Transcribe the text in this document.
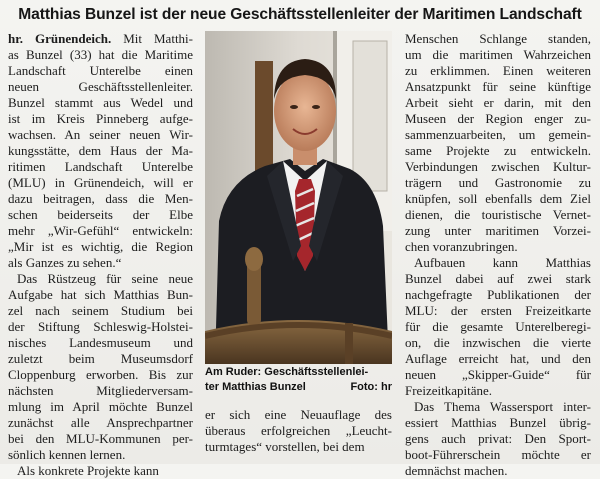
Matthias Bunzel ist der neue Geschäftsstellenleiter der Maritimen Landschaft
hr. Grünendeich. Mit Matthi-
as Bunzel (33) hat die Maritime
Landschaft Unterelbe einen
neuen Geschäftsstellenleiter.
Bunzel stammt aus Wedel und
ist im Kreis Pinneberg aufge-
wachsen. An seiner neuen Wir-
kungsstätte, dem Haus der Ma-
ritimen Landschaft Unterelbe
(MLU) in Grünendeich, will er
dazu beitragen, dass die Men-
schen beiderseits der Elbe
mehr „Wir-Gefühl“ entwickeln:
„Mir ist es wichtig, die Region
als Ganzes zu sehen.“
Das Rüstzeug für seine neue
Aufgabe hat sich Matthias Bun-
zel nach seinem Studium bei
der Stiftung Schleswig-Holstei-
nisches Landesmuseum und
zuletzt beim Museumsdorf
Cloppenburg erworben. Bis zur
nächsten Mitgliederversam-
mlung im April möchte Bunzel
zunächst alle Ansprechpartner
bei den MLU-Kommunen per-
sönlich kennen lernen.
Als konkrete Projekte kann
Am Ruder: Geschäftsstellenlei-
ter Matthias Bunzel	Foto: hr
er sich eine Neuauflage des
überaus erfolgreichen „Leucht-
turmtages“ vorstellen, bei dem
Menschen Schlange standen,
um die maritimen Wahrzeichen
zu erklimmen. Einen weiteren
Ansatzpunkt für seine künftige
Arbeit sieht er darin, mit den
Museen der Region enger zu-
sammenzuarbeiten, um gemein-
same Projekte zu entwickeln.
Verbindungen zwischen Kultur-
trägern und Gastronomie zu
knüpfen, soll ebenfalls dem Ziel
dienen, die touristische Vernet-
zung unter maritimen Vorzei-
chen voranzubringen.
Aufbauen kann Matthias
Bunzel dabei auf zwei stark
nachgefragte Publikationen der
MLU: der ersten Freizeitkarte
für die gesamte Unterelberegi-
on, die inzwischen die vierte
Auflage erreicht hat, und den
neuen „Skipper-Guide“ für
Freizeitkapitäne.
Das Thema Wassersport inter-
essiert Matthias Bunzel übrig-
gens auch privat: Den Sport-
boot-Führerschein möchte er
demnächst machen.
